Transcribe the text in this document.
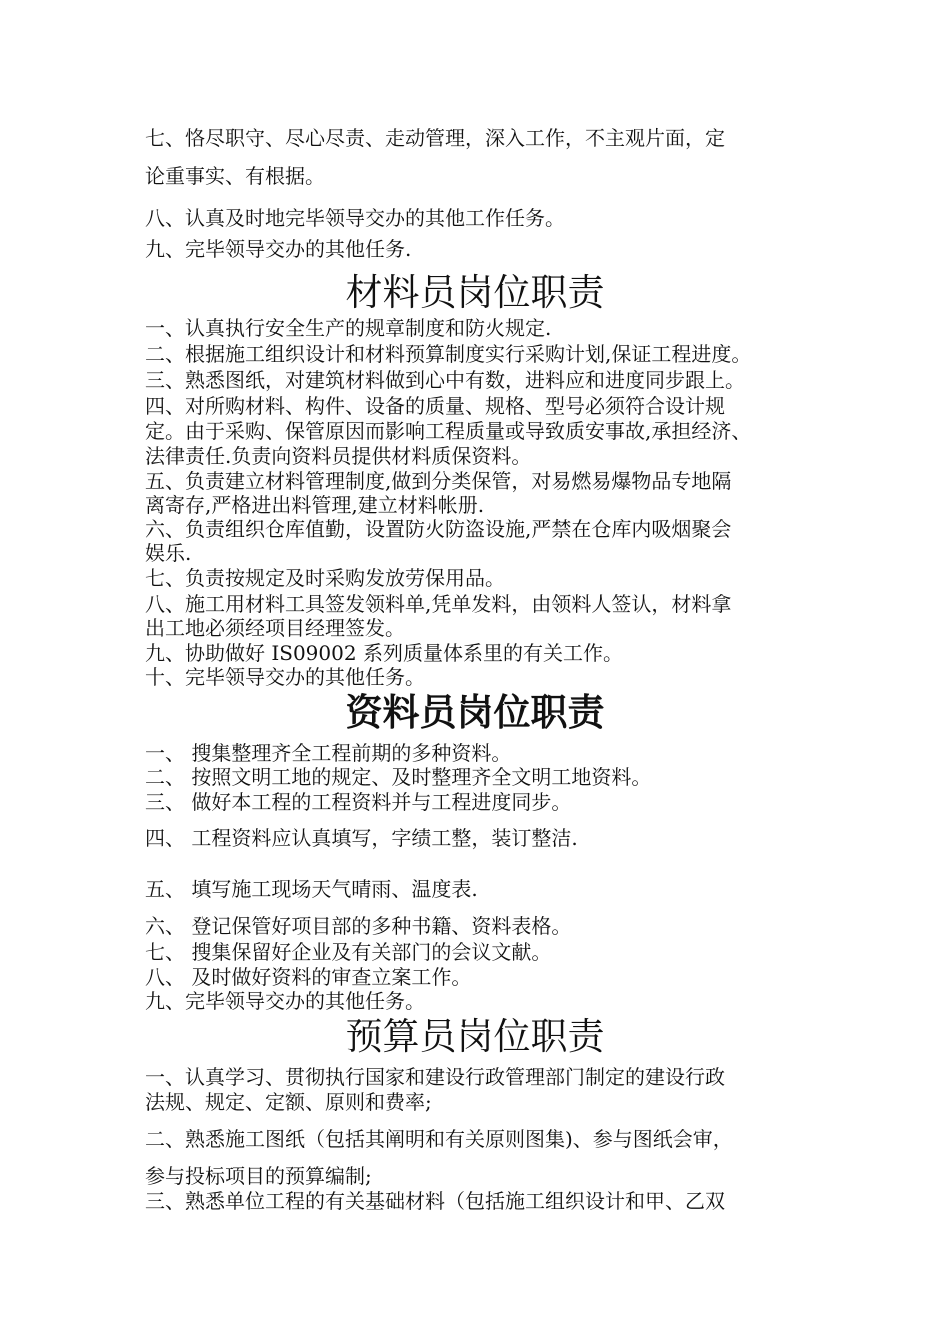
七、恪尽职守、尽心尽责、走动管理，深入工作，不主观片面，定
论重事实、有根据。
八、认真及时地完毕领导交办的其他工作任务。
九、完毕领导交办的其他任务.
材料员岗位职责
一、认真执行安全生产的规章制度和防火规定.
二、根据施工组织设计和材料预算制度实行采购计划,保证工程进度。
三、熟悉图纸，对建筑材料做到心中有数，进料应和进度同步跟上。
四、对所购材料、构件、设备的质量、规格、型号必须符合设计规
定。由于采购、保管原因而影响工程质量或导致质安事故,承担经济、
法律责任.负责向资料员提供材料质保资料。
五、负责建立材料管理制度,做到分类保管，对易燃易爆物品专地隔
离寄存,严格进出料管理,建立材料帐册.
六、负责组织仓库值勤，设置防火防盗设施,严禁在仓库内吸烟聚会
娱乐.
七、负责按规定及时采购发放劳保用品。
八、施工用材料工具签发领料单,凭单发料，由领料人签认，材料拿
出工地必须经项目经理签发。
九、协助做好 IS09002 系列质量体系里的有关工作。
十、完毕领导交办的其他任务。
资料员岗位职责
一、 搜集整理齐全工程前期的多种资料。
二、 按照文明工地的规定、及时整理齐全文明工地资料。
三、 做好本工程的工程资料并与工程进度同步。
四、 工程资料应认真填写，字绩工整，装订整洁.
五、 填写施工现场天气晴雨、温度表.
六、 登记保管好项目部的多种书籍、资料表格。
七、 搜集保留好企业及有关部门的会议文献。
八、 及时做好资料的审查立案工作。
九、完毕领导交办的其他任务。
预算员岗位职责
一、认真学习、贯彻执行国家和建设行政管理部门制定的建设行政
法规、规定、定额、原则和费率;
二、熟悉施工图纸（包括其阐明和有关原则图集)、参与图纸会审，
参与投标项目的预算编制;
三、熟悉单位工程的有关基础材料（包括施工组织设计和甲、乙双
